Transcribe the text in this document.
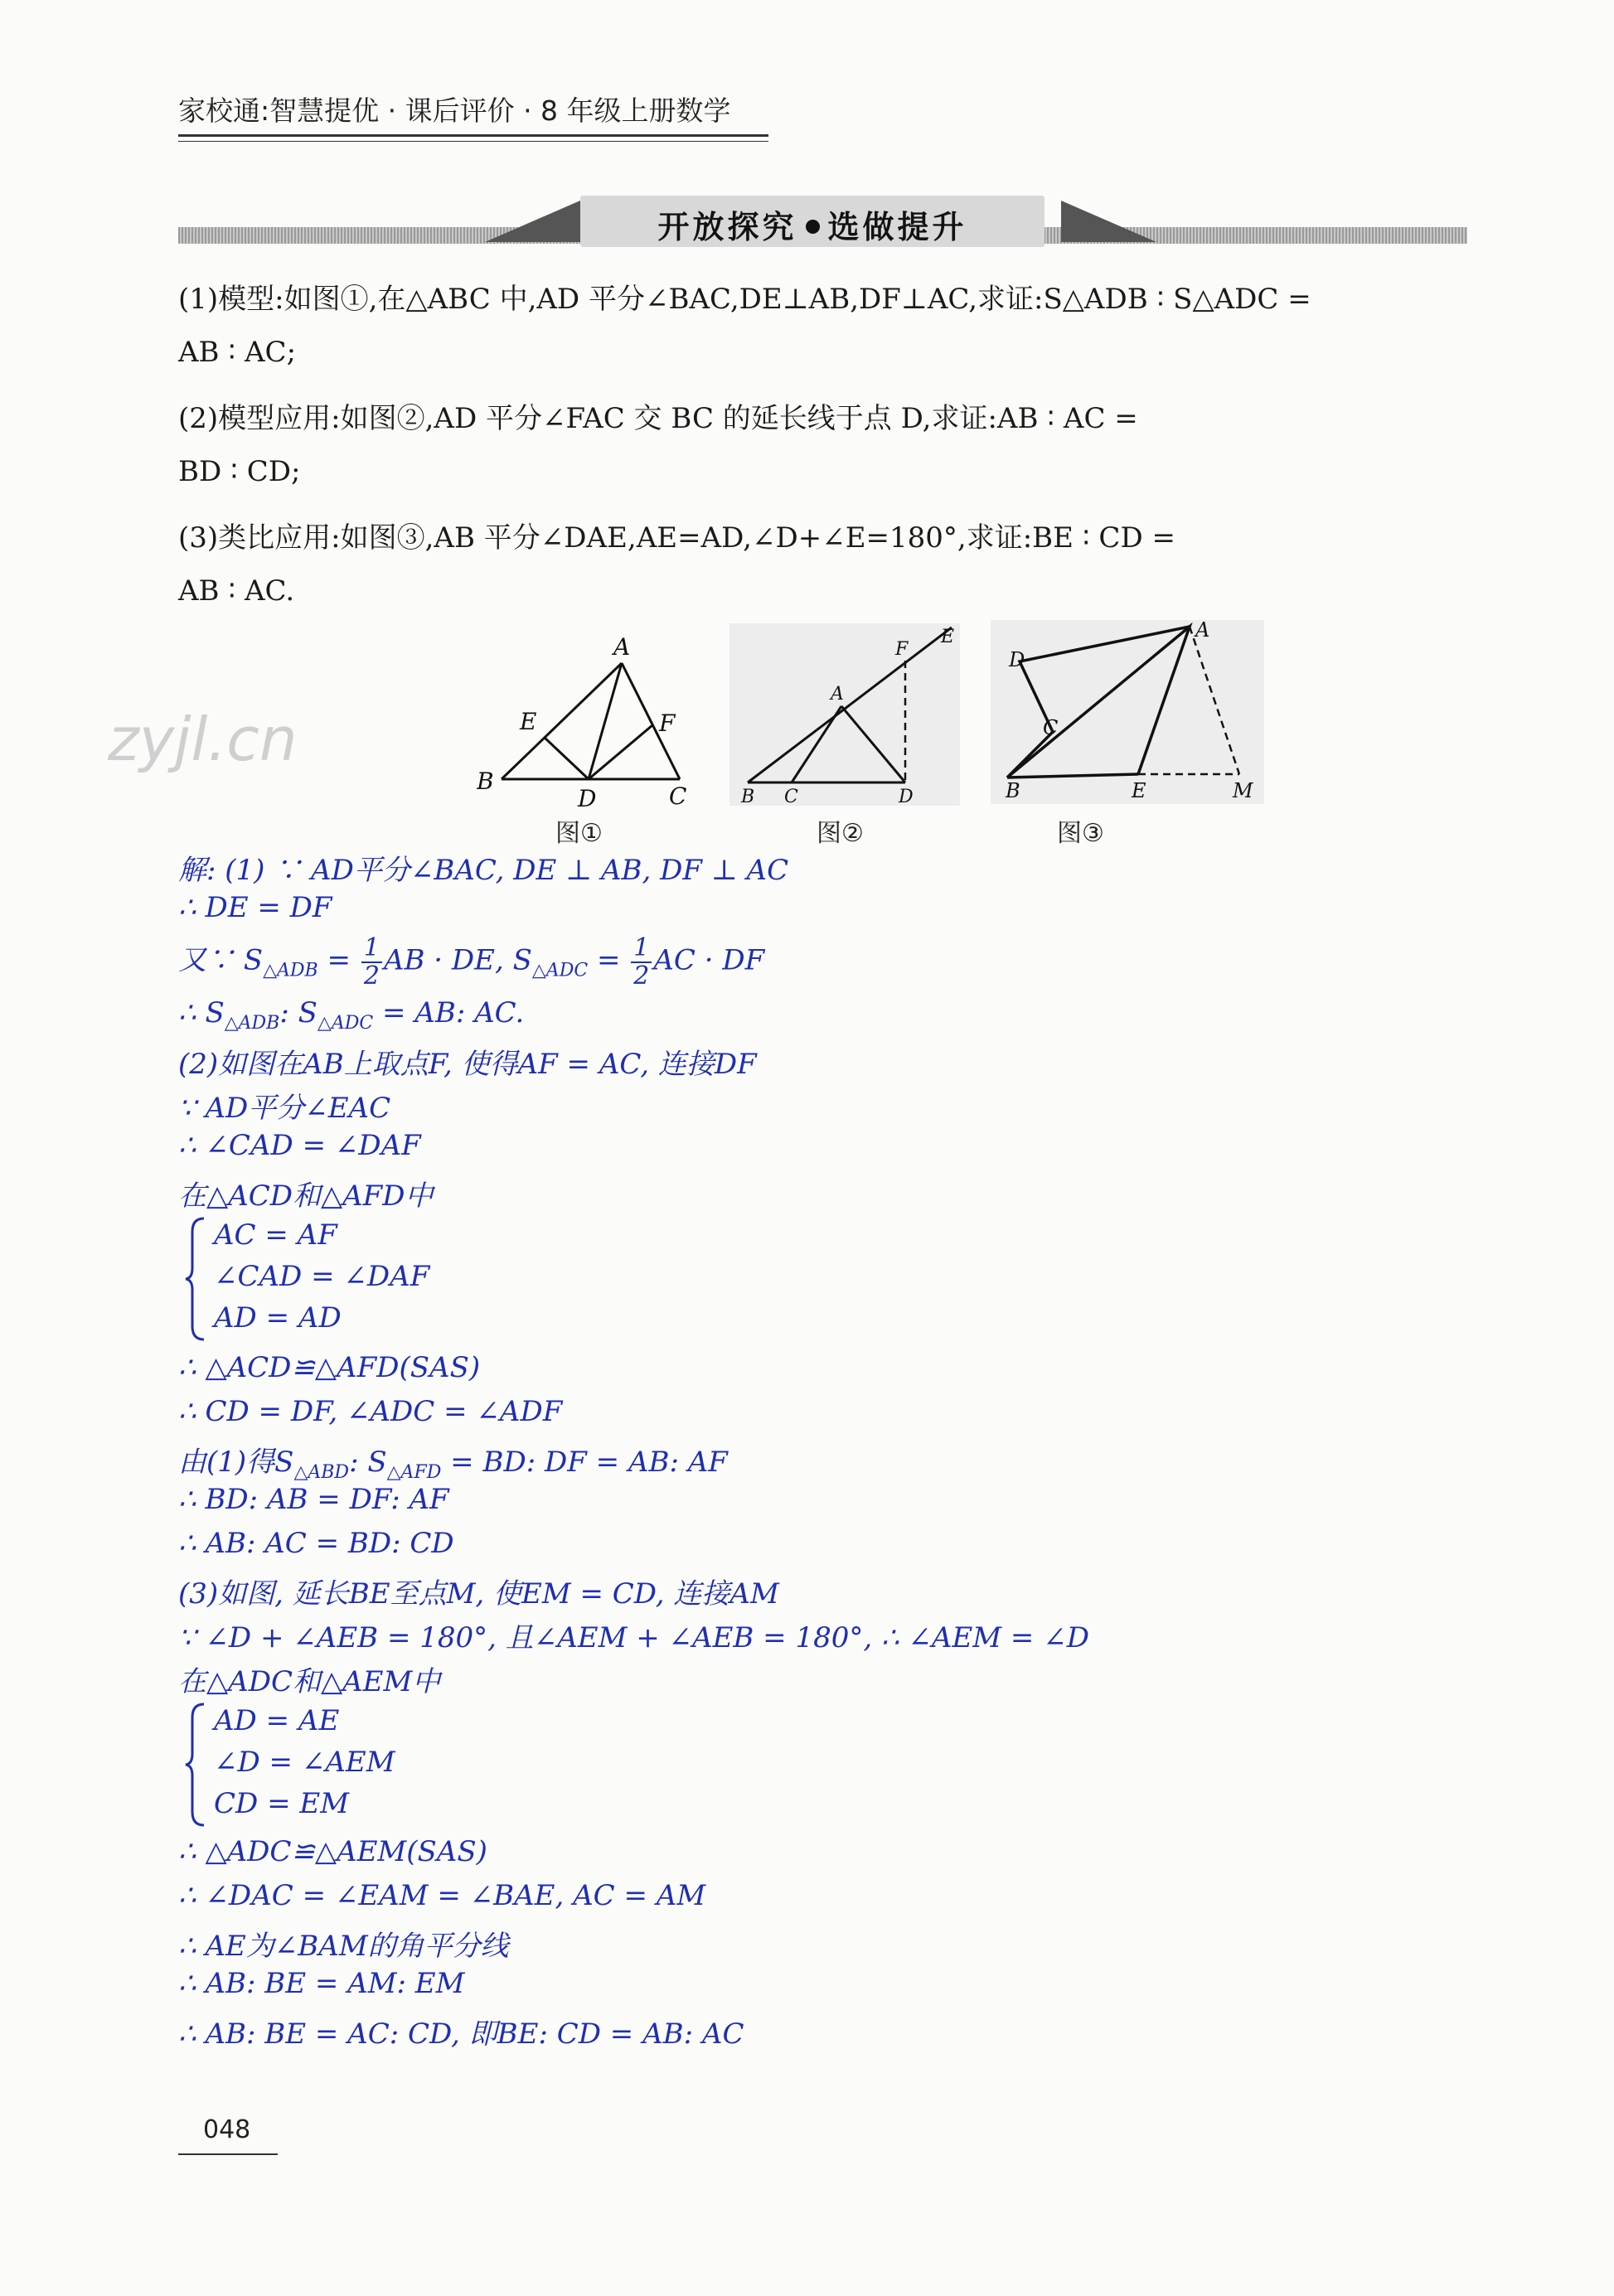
家校通:智慧提优 · 课后评价 · 8 年级上册数学
开放探究 选做提升
(1)模型:如图①,在△ABC 中,AD 平分∠BAC,DE⊥AB,DF⊥AC,求证:S△ADB ∶ S△ADC =
AB ∶ AC;
(2)模型应用:如图②,AD 平分∠FAC 交 BC 的延长线于点 D,求证:AB ∶ AC =
BD ∶ CD;
(3)类比应用:如图③,AB 平分∠DAE,AE=AD,∠D+∠E=180°,求证:BE ∶ CD =
AB ∶ AC.
zyjl.cn
A
B
C
D
E	F
图①
A
B C	D
E
F
图②
A
B
C
D
E	M
图③
解: (1) ∵ AD平分∠BAC, DE ⊥ AB, DF ⊥ AC
∴ DE = DF
又∵ $S_{\triangle ADB} = \frac{1}{2}$ AB · DE, $S_{\triangle ADC} = \frac{1}{2}$ AC · DF
∴ $S_{\triangle ADB}$: $S_{\triangle ADC}$ = AB: AC.
(2)如图在AB上取点F, 使得AF = AC, 连接DF
∵ AD平分∠EAC
∴ ∠CAD = ∠DAF
在△ACD和△AFD中
AC = AF
∠CAD = ∠DAF
AD = AD
∴ △ACD≌△AFD(SAS)
∴ CD = DF, ∠ADC = ∠ADF
由(1)得$S_{\triangle ABD}$: $S_{\triangle AFD}$ = BD: DF = AB: AF
∴ BD: AB = DF: AF
∴ AB: AC = BD: CD
(3)如图, 延长BE至点M, 使EM = CD, 连接AM
∵ ∠D + ∠AEB = 180°, 且∠AEM + ∠AEB = 180°, ∴ ∠AEM = ∠D
在△ADC和△AEM中
AD = AE
∠D = ∠AEM
CD = EM
∴ △ADC≌△AEM(SAS)
∴ ∠DAC = ∠EAM = ∠BAE, AC = AM
∴ AE为∠BAM的角平分线
∴ AB: BE = AM: EM
∴ AB: BE = AC: CD, 即BE: CD = AB: AC
048
